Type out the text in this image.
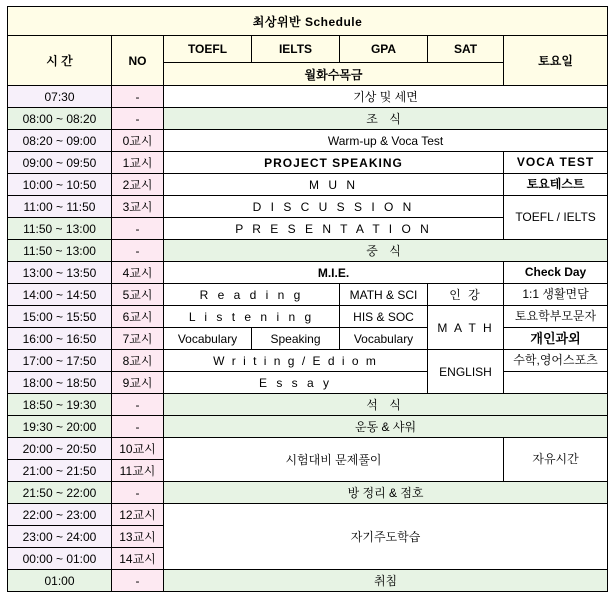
최상위반 Schedule						
시 간	NO	TOEFL	IELTS	GPA	SAT	토요일
		월화수목금				
07:30	-	기상 및 세면				
08:00 ~ 08:20	-	조 식				
08:20 ~ 09:00	0교시	Warm-up & Voca Test				
09:00 ~ 09:50	1교시	PROJECT SPEAKING				VOCA TEST
10:00 ~ 10:50	2교시	M U N				토요테스트
11:00 ~ 11:50	3교시	D I S C U S S I O N				TOEFL / IELTS
11:50 ~ 13:00	-	P R E S E N T A T I O N				
11:50 ~ 13:00	-	중 식				
13:00 ~ 13:50	4교시	M.I.E.				Check Day
14:00 ~ 14:50	5교시	R e a d i n g		MATH & SCI	인 강	1:1 생활면담
15:00 ~ 15:50	6교시	L i s t e n i n g		HIS & SOC	M A T H	토요학부모문자
16:00 ~ 16:50	7교시	Vocabulary	Speaking	Vocabulary		개인과외
17:00 ~ 17:50	8교시	W r i t i n g / E d i o m			ENGLISH	수학,영어스포츠
18:00 ~ 18:50	9교시	E s s a y				
18:50 ~ 19:30	-	석 식				
19:30 ~ 20:00	-	운동 & 샤워				
20:00 ~ 20:50	10교시	시험대비 문제풀이				자유시간
21:00 ~ 21:50	11교시					
21:50 ~ 22:00	-	방 정리 & 점호				
22:00 ~ 23:00	12교시	자기주도학습				
23:00 ~ 24:00	13교시					
00:00 ~ 01:00	14교시					
01:00	-	취침				
